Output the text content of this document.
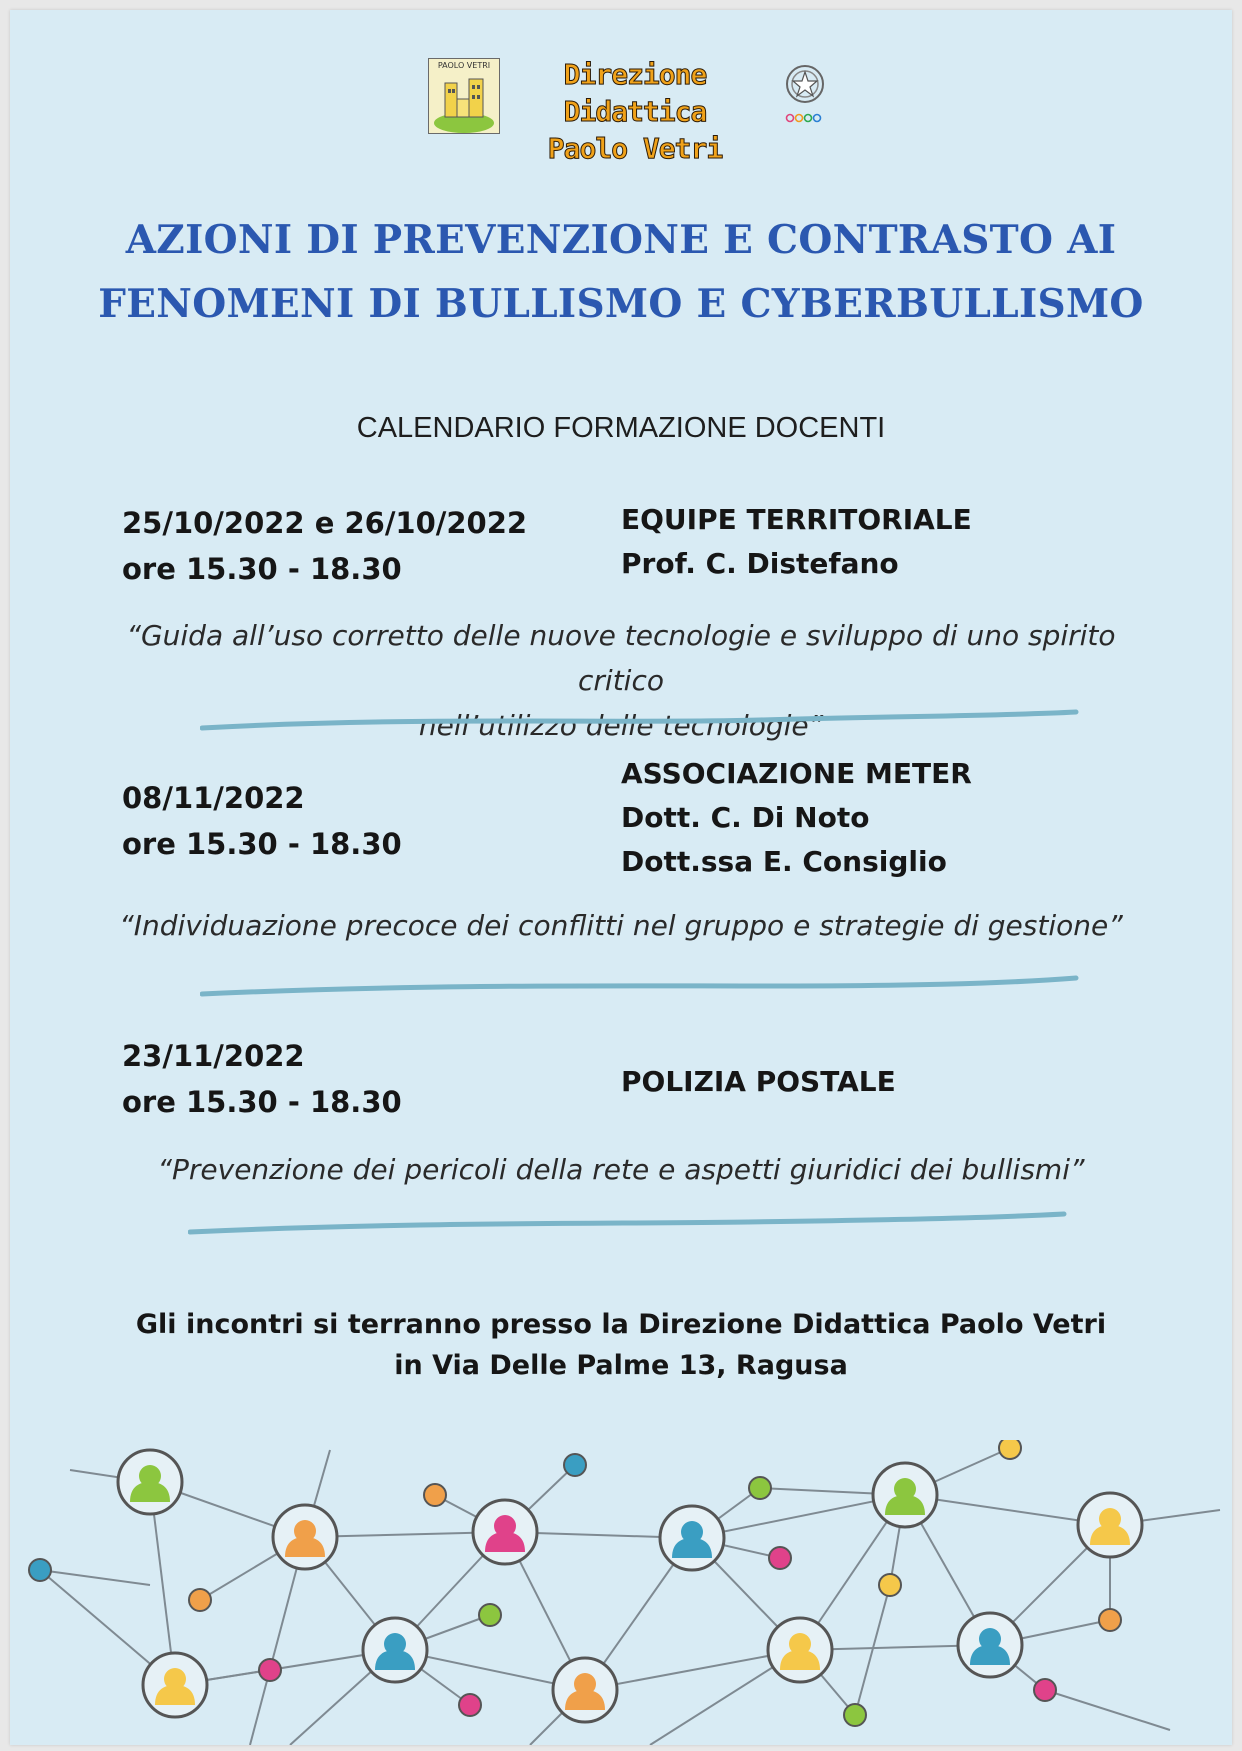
PAOLO VETRI	Direzione Didattica
Paolo Vetri
AZIONI DI PREVENZIONE E CONTRASTO AI
FENOMENI DI BULLISMO E CYBERBULLISMO
CALENDARIO FORMAZIONE DOCENTI
25/10/2022 e 26/10/2022
ore 15.30 - 18.30
EQUIPE TERRITORIALE
Prof. C. Distefano
“Guida all’uso corretto delle nuove tecnologie e sviluppo di uno spirito critico
nell’utilizzo delle tecnologie”
08/11/2022
ore 15.30 - 18.30
ASSOCIAZIONE METER
Dott. C. Di Noto
Dott.ssa E. Consiglio
“Individuazione precoce dei conflitti nel gruppo e strategie di gestione”
23/11/2022
ore 15.30 - 18.30
POLIZIA POSTALE
“Prevenzione dei pericoli della rete e aspetti giuridici dei bullismi”
Gli incontri si terranno presso la Direzione Didattica Paolo Vetri
in Via Delle Palme 13, Ragusa
